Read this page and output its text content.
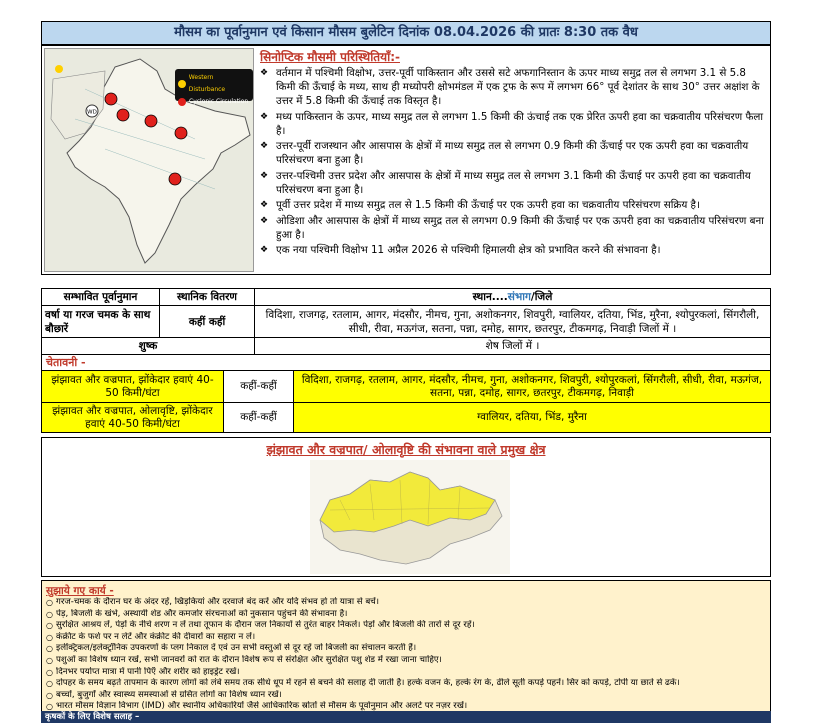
मौसम का पूर्वानुमान एवं किसान मौसम बुलेटिन दिनांक 08.04.2026 की प्रातः 8:30 तक वैध
WD
Western Disturbance
Cyclonic Circulation
सिनोप्टिक मौसमी परिस्थितियाँ:-
❖ वर्तमान में पश्चिमी विक्षोभ, उत्तर-पूर्वी पाकिस्तान और उससे सटे अफगानिस्तान के ऊपर माध्य समुद्र तल से लगभग 3.1 से 5.8 किमी की ऊँचाई के मध्य, साथ ही मध्योपरी क्षोभमंडल में एक ट्रफ के रूप में लगभग 66° पूर्व देशांतर के साथ 30° उत्तर अक्षांश के उत्तर में 5.8 किमी की ऊँचाई तक विस्तृत है।
❖ मध्य पाकिस्तान के ऊपर, माध्य समुद्र तल से लगभग 1.5 किमी की ऊंचाई तक एक प्रेरित ऊपरी हवा का चक्रवातीय परिसंचरण फैला है।
❖ उत्तर-पूर्वी राजस्थान और आसपास के क्षेत्रों में माध्य समुद्र तल से लगभग 0.9 किमी की ऊँचाई पर एक ऊपरी हवा का चक्रवातीय परिसंचरण बना हुआ है।
❖ उत्तर-पश्चिमी उत्तर प्रदेश और आसपास के क्षेत्रों में माध्य समुद्र तल से लगभग 3.1 किमी की ऊँचाई पर ऊपरी हवा का चक्रवातीय परिसंचरण बना हुआ है।
❖ पूर्वी उत्तर प्रदेश में माध्य समुद्र तल से 1.5 किमी की ऊँचाई पर एक ऊपरी हवा का चक्रवातीय परिसंचरण सक्रिय है।
❖ ओडिशा और आसपास के क्षेत्रों में माध्य समुद्र तल से लगभग 0.9 किमी की ऊँचाई पर एक ऊपरी हवा का चक्रवातीय परिसंचरण बना हुआ है।
❖ एक नया पश्चिमी विक्षोभ 11 अप्रैल 2026 से पश्चिमी हिमालयी क्षेत्र को प्रभावित करने की संभावना है।
सम्भावित पूर्वानुमान	स्थानिक वितरण	स्थान....संभाग/जिले
वर्षा या गरज चमक के साथ बौछारें	कहीं कहीं	विदिशा, राजगढ़, रतलाम, आगर, मंदसौर, नीमच, गुना, अशोकनगर, शिवपुरी, ग्वालियर, दतिया, भिंड, मुरैना, श्योपुरकलां, सिंगरौली, सीधी, रीवा, मऊगंज, सतना, पन्ना, दमोह, सागर, छतरपुर, टीकमगढ़, निवाड़ी जिलों में ।
शुष्क		शेष जिलों में ।
चेतावनी -
झंझावत और वज्रपात, झोंकेदार हवाएं 40-50 किमी/घंटा	कहीं-कहीं	विदिशा, राजगढ़, रतलाम, आगर, मंदसौर, नीमच, गुना, अशोकनगर, शिवपुरी, श्योपुरकलां, सिंगरौली, सीधी, रीवा, मऊगंज, सतना, पन्ना, दमोह, सागर, छतरपुर, टीकमगढ़, निवाड़ी
झंझावत और वज्रपात, ओलावृष्टि, झोंकेदार हवाएं 40-50 किमी/घंटा	कहीं-कहीं	ग्वालियर, दतिया, भिंड, मुरैना
झंझावत और वज्रपात/ ओलावृष्टि की संभावना वाले प्रमुख क्षेत्र
सुझाये गए कार्य -
○ गरज-चमक के दौरान घर के अंदर रहें, खिड़कियां और दरवाजे बंद करें और यदि संभव हो तो यात्रा से बचें।
○ पेड़, बिजली के खंभे, अस्थायी शेड और कमजोर संरचनाओं को नुकसान पहुंचने की संभावना है।
○ सुरक्षित आश्रय लें, पेड़ों के नीचे शरण न लें तथा तूफान के दौरान जल निकायों से तुरंत बाहर निकलें। पेड़ों और बिजली की तारों से दूर रहें।
○ कंक्रीट के फर्श पर न लेटें और कंक्रीट की दीवारों का सहारा न लें।
○ इलेक्ट्रिकल/इलेक्ट्रॉनिक उपकरणों के प्लग निकाल दें एवं उन सभी वस्तुओं से दूर रहें जो बिजली का संचालन करती हैं।
○ पशुओं का विशेष ध्यान रखें, सभी जानवरों को रात के दौरान विशेष रूप से संरक्षित और सुरक्षित पशु शेड में रखा जाना चाहिए।
○ दिनभर पर्याप्त मात्रा में पानी पिएँ और शरीर को हाइड्रेट रखें।
○ दोपहर के समय बढ़ते तापमान के कारण लोगों को लंबे समय तक सीधे धूप में रहने से बचने की सलाह दी जाती है। हल्के वजन के, हल्के रंग के, ढीले सूती कपड़े पहनें। सिर को कपड़े, टोपी या छाते से ढकें।
○ बच्चों, बुजुर्गों और स्वास्थ्य समस्याओं से ग्रसित लोगों का विशेष ध्यान रखें।
○ भारत मौसम विज्ञान विभाग (IMD) और स्थानीय अधिकारियों जैसे आधिकारिक स्रोतों से मौसम के पूर्वानुमान और अलर्ट पर नज़र रखें।
कृषकों के लिए विशेष सलाह –
